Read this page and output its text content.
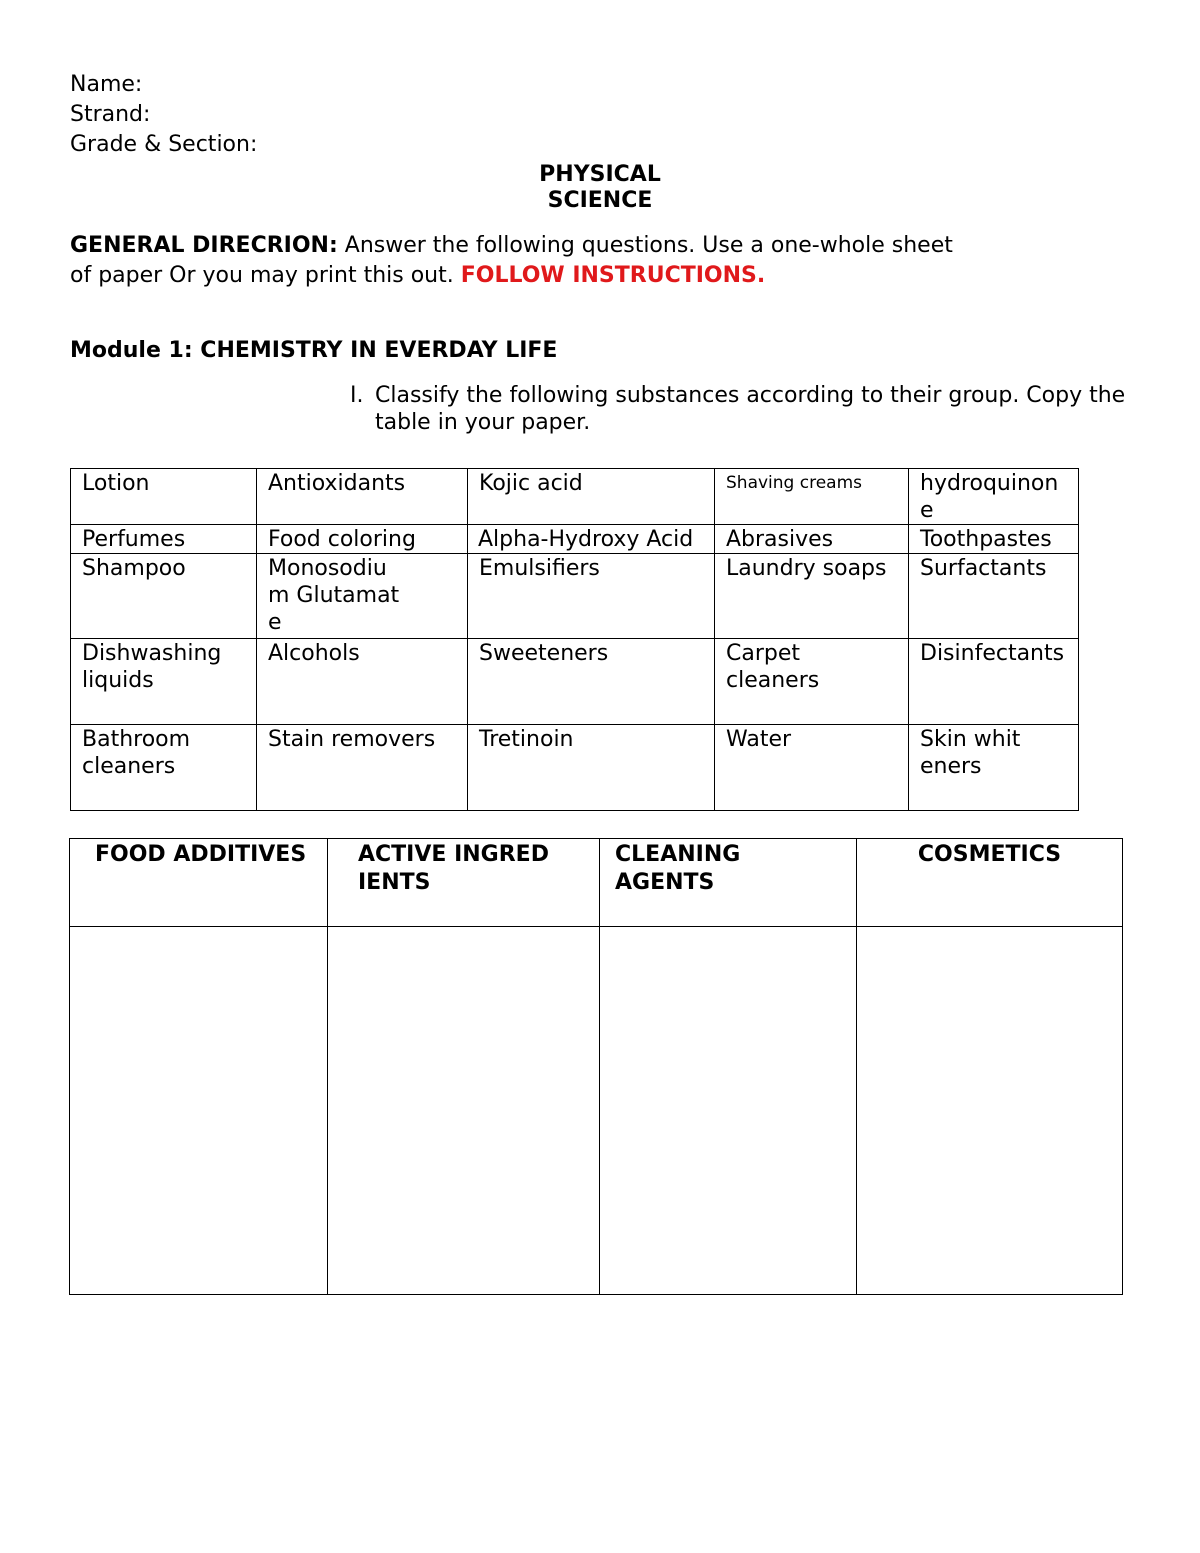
Name:
Strand:
Grade & Section:
PHYSICAL
SCIENCE
GENERAL DIRECRION: Answer the following questions. Use a one-whole sheet
of paper Or you may print this out. FOLLOW INSTRUCTIONS.
Module 1: CHEMISTRY IN EVERDAY LIFE
I. Classify the following substances according to their group. Copy the table in your paper.
Lotion	Antioxidants	Kojic acid	Shaving creams	hydroquinone
Perfumes	Food coloring	Alpha-Hydroxy Acid	Abrasives	Toothpastes
Shampoo	Monosodium Glutamate	Emulsifiers	Laundry soaps	Surfactants
Dishwashing liquids	Alcohols	Sweeteners	Carpet cleaners	Disinfectants
Bathroom cleaners	Stain removers	Tretinoin	Water	Skin whiteners
FOOD ADDITIVES	ACTIVE INGREDIENTS	CLEANING AGENTS	COSMETICS
